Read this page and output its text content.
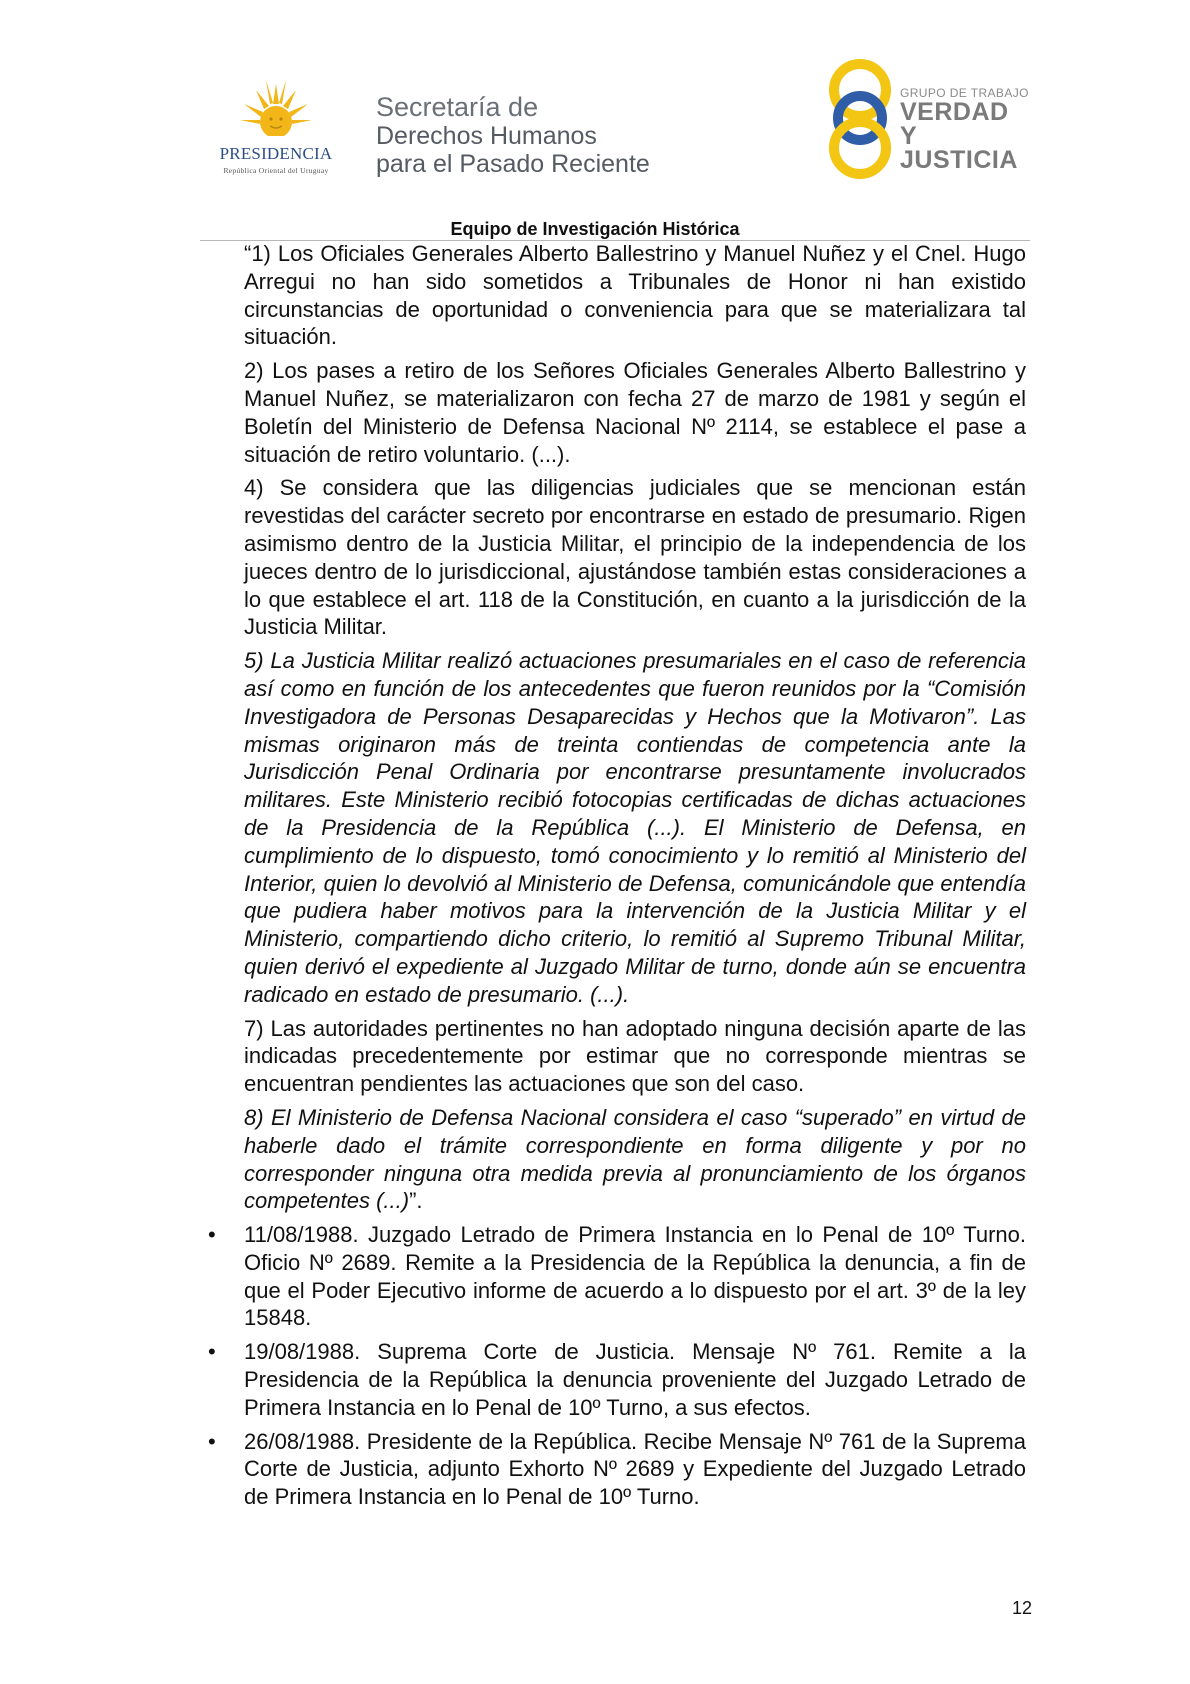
PRESIDENCIA
República Oriental del Uruguay
Secretaría de
Derechos Humanos
para el Pasado Reciente
GRUPO DE TRABAJO
VERDAD Y
JUSTICIA
Equipo de Investigación Histórica

“1) Los Oficiales Generales Alberto Ballestrino y Manuel Nuñez y el Cnel. Hugo Arregui no han sido sometidos a Tribunales de Honor ni han existido circunstancias de oportunidad o conveniencia para que se materializara tal situación.

2) Los pases a retiro de los Señores Oficiales Generales Alberto Ballestrino y Manuel Nuñez, se materializaron con fecha 27 de marzo de 1981 y según el Boletín del Ministerio de Defensa Nacional Nº 2114, se establece el pase a situación de retiro voluntario. (...).

4) Se considera que las diligencias judiciales que se mencionan están revestidas del carácter secreto por encontrarse en estado de presumario. Rigen asimismo dentro de la Justicia Militar, el principio de la independencia de los jueces dentro de lo jurisdiccional, ajustándose también estas consideraciones a lo que establece el art. 118 de la Constitución, en cuanto a la jurisdicción de la Justicia Militar.

5) La Justicia Militar realizó actuaciones presumariales en el caso de referencia así como en función de los antecedentes que fueron reunidos por la “Comisión Investigadora de Personas Desaparecidas y Hechos que la Motivaron”. Las mismas originaron más de treinta contiendas de competencia ante la Jurisdicción Penal Ordinaria por encontrarse presuntamente involucrados militares. Este Ministerio recibió fotocopias certificadas de dichas actuaciones de la Presidencia de la República (...). El Ministerio de Defensa, en cumplimiento de lo dispuesto, tomó conocimiento y lo remitió al Ministerio del Interior, quien lo devolvió al Ministerio de Defensa, comunicándole que entendía que pudiera haber motivos para la intervención de la Justicia Militar y el Ministerio, compartiendo dicho criterio, lo remitió al Supremo Tribunal Militar, quien derivó el expediente al Juzgado Militar de turno, donde aún se encuentra radicado en estado de presumario. (...).

7) Las autoridades pertinentes no han adoptado ninguna decisión aparte de las indicadas precedentemente por estimar que no corresponde mientras se encuentran pendientes las actuaciones que son del caso.

8) El Ministerio de Defensa Nacional considera el caso “superado” en virtud de haberle dado el trámite correspondiente en forma diligente y por no corresponder ninguna otra medida previa al pronunciamiento de los órganos competentes (...)”.

• 11/08/1988. Juzgado Letrado de Primera Instancia en lo Penal de 10º Turno. Oficio Nº 2689. Remite a la Presidencia de la República la denuncia, a fin de que el Poder Ejecutivo informe de acuerdo a lo dispuesto por el art. 3º de la ley 15848.
• 19/08/1988. Suprema Corte de Justicia. Mensaje Nº 761. Remite a la Presidencia de la República la denuncia proveniente del Juzgado Letrado de Primera Instancia en lo Penal de 10º Turno, a sus efectos.
• 26/08/1988. Presidente de la República. Recibe Mensaje Nº 761 de la Suprema Corte de Justicia, adjunto Exhorto Nº 2689 y Expediente del Juzgado Letrado de Primera Instancia en lo Penal de 10º Turno.
12
